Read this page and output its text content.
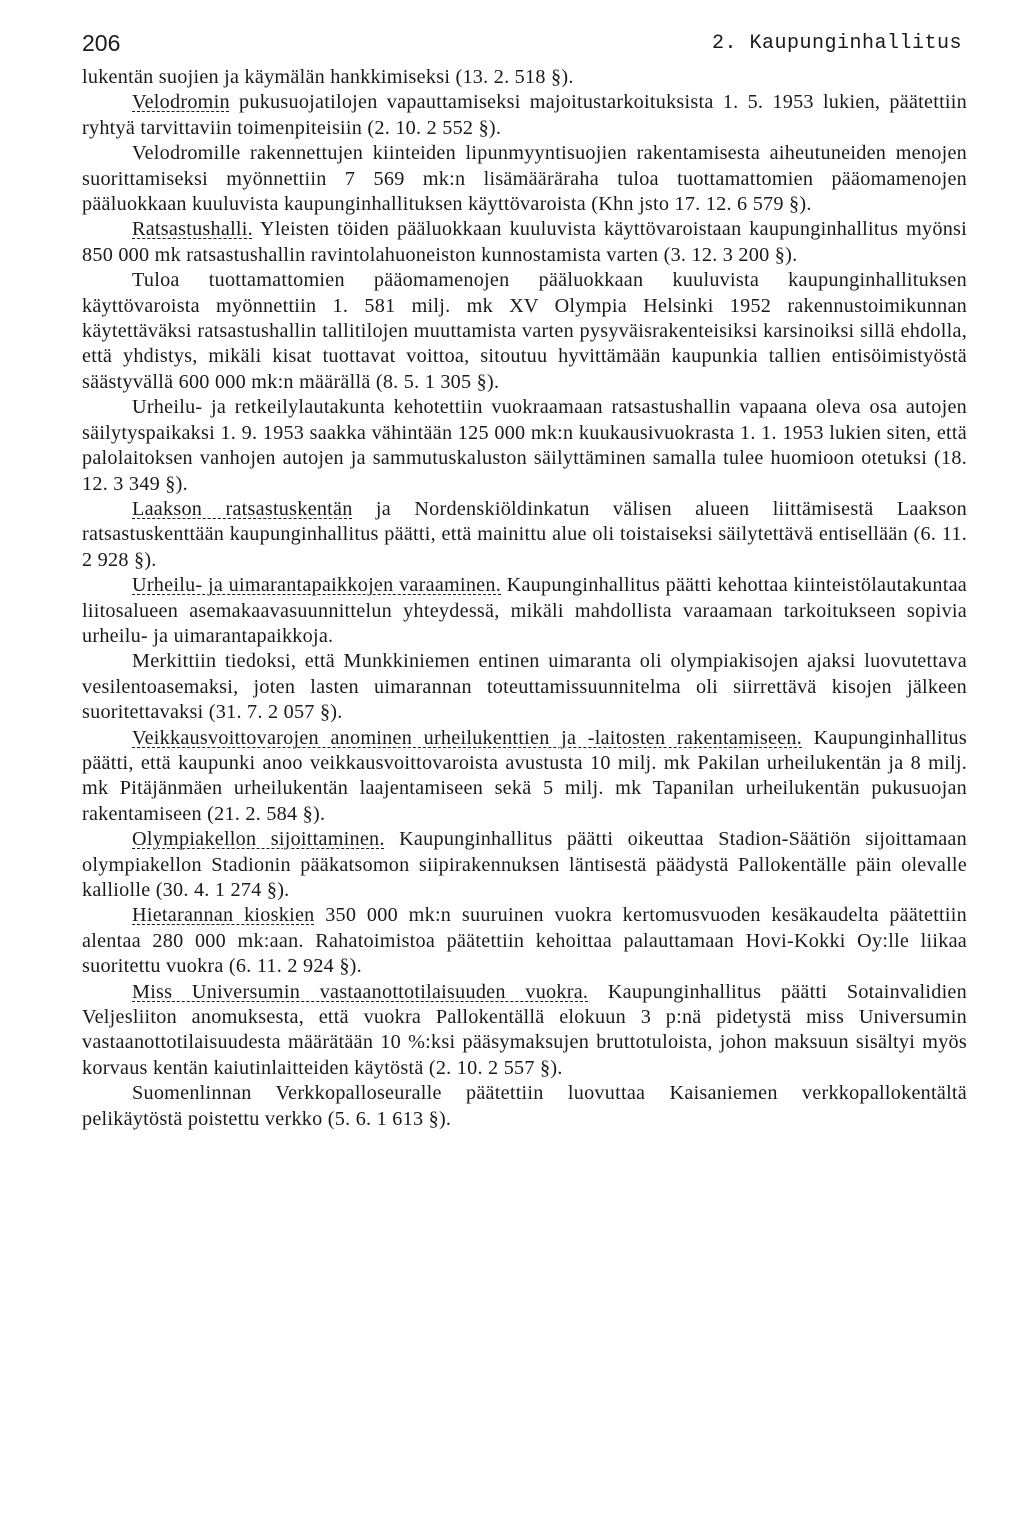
206	2. Kaupunginhallitus

lukentän suojien ja käymälän hankkimiseksi (13. 2. 518 §).

Velodromin pukusuojatilojen vapauttamiseksi majoitustarkoituksista 1. 5. 1953 lukien, päätettiin ryhtyä tarvittaviin toimenpiteisiin (2. 10. 2 552 §).

Velodromille rakennettujen kiinteiden lipunmyyntisuojien rakentamisesta aiheutuneiden menojen suorittamiseksi myönnettiin 7 569 mk:n lisämääräraha tuloa tuottamattomien pääomamenojen pääluokkaan kuuluvista kaupunginhallituksen käyttövaroista (Khn jsto 17. 12. 6 579 §).

Ratsastushalli. Yleisten töiden pääluokkaan kuuluvista käyttövaroistaan kaupunginhallitus myönsi 850 000 mk ratsastushallin ravintolahuoneiston kunnostamista varten (3. 12. 3 200 §).

Tuloa tuottamattomien pääomamenojen pääluokkaan kuuluvista kaupunginhallituksen käyttövaroista myönnettiin 1. 581 milj. mk XV Olympia Helsinki 1952 rakennustoimikunnan käytettäväksi ratsastushallin tallitilojen muuttamista varten pysyväisrakenteisiksi karsinoiksi sillä ehdolla, että yhdistys, mikäli kisat tuottavat voittoa, sitoutuu hyvittämään kaupunkia tallien entisöimistyöstä säästyvällä 600 000 mk:n määrällä (8. 5. 1 305 §).

Urheilu- ja retkeilylautakunta kehotettiin vuokraamaan ratsastushallin vapaana oleva osa autojen säilytyspaikaksi 1. 9. 1953 saakka vähintään 125 000 mk:n kuukausivuokrasta 1. 1. 1953 lukien siten, että palolaitoksen vanhojen autojen ja sammutuskaluston säilyttäminen samalla tulee huomioon otetuksi (18. 12. 3 349 §).

Laakson ratsastuskentän ja Nordenskiöldinkatun välisen alueen liittämisestä Laakson ratsastuskenttään kaupunginhallitus päätti, että mainittu alue oli toistaiseksi säilytettävä entisellään (6. 11. 2 928 §).

Urheilu- ja uimarantapaikkojen varaaminen. Kaupunginhallitus päätti kehottaa kiinteistölautakuntaa liitosalueen asemakaavasuunnittelun yhteydessä, mikäli mahdollista varaamaan tarkoitukseen sopivia urheilu- ja uimarantapaikkoja.

Merkittiin tiedoksi, että Munkkiniemen entinen uimaranta oli olympiakisojen ajaksi luovutettava vesilentoasemaksi, joten lasten uimarannan toteuttamissuunnitelma oli siirrettävä kisojen jälkeen suoritettavaksi (31. 7. 2 057 §).

Veikkausvoittovarojen anominen urheilukenttien ja -laitosten rakentamiseen. Kaupunginhallitus päätti, että kaupunki anoo veikkausvoittovaroista avustusta 10 milj. mk Pakilan urheilukentän ja 8 milj. mk Pitäjänmäen urheilukentän laajentamiseen sekä 5 milj. mk Tapanilan urheilukentän pukusuojan rakentamiseen (21. 2. 584 §).

Olympiakellon sijoittaminen. Kaupunginhallitus päätti oikeuttaa Stadion-Säätiön sijoittamaan olympiakellon Stadionin pääkatsomon siipirakennuksen läntisestä päädystä Pallokentälle päin olevalle kalliolle (30. 4. 1 274 §).

Hietarannan kioskien 350 000 mk:n suuruinen vuokra kertomusvuoden kesäkaudelta päätettiin alentaa 280 000 mk:aan. Rahatoimistoa päätettiin kehoittaa palauttamaan Hovi-Kokki Oy:lle liikaa suoritettu vuokra (6. 11. 2 924 §).

Miss Universumin vastaanottotilaisuuden vuokra. Kaupunginhallitus päätti Sotainvalidien Veljesliiton anomuksesta, että vuokra Pallokentällä elokuun 3 p:nä pidetystä miss Universumin vastaanottotilaisuudesta määrätään 10 %:ksi pääsymaksujen bruttotuloista, johon maksuun sisältyi myös korvaus kentän kaiutinlaitteiden käytöstä (2. 10. 2 557 §).

Suomenlinnan Verkkopalloseuralle päätettiin luovuttaa Kaisaniemen verkkopallokentältä pelikäytöstä poistettu verkko (5. 6. 1 613 §).
